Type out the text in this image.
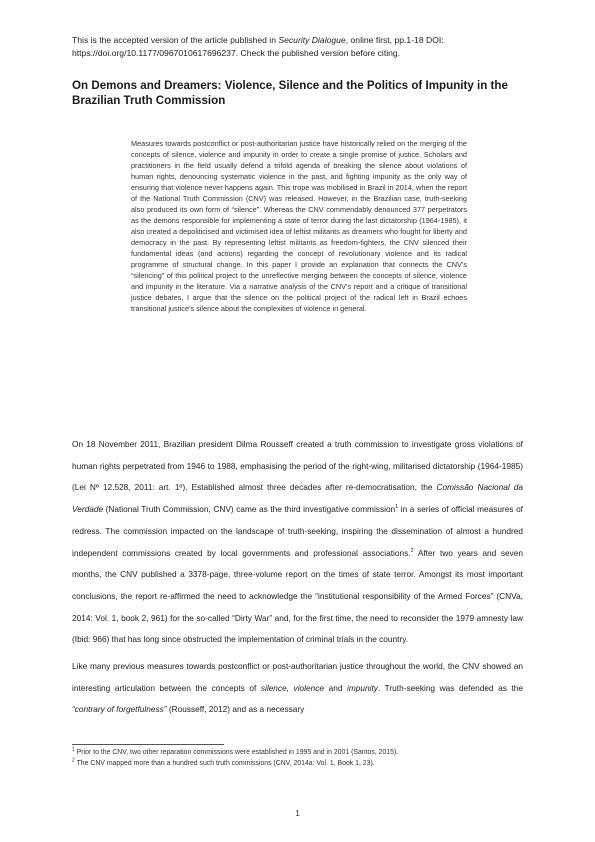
This is the accepted version of the article published in Security Dialogue, online first, pp.1-18 DOI: https://doi.org/10.1177/0967010617696237. Check the published version before citing.
On Demons and Dreamers: Violence, Silence and the Politics of Impunity in the Brazilian Truth Commission
Measures towards postconflict or post-authoritarian justice have historically relied on the merging of the concepts of silence, violence and impunity in order to create a single promise of justice. Scholars and practitioners in the field usually defend a trifold agenda of breaking the silence about violations of human rights, denouncing systematic violence in the past, and fighting impunity as the only way of ensuring that violence never happens again. This trope was mobilised in Brazil in 2014, when the report of the National Truth Commission (CNV) was released. However, in the Brazilian case, truth-seeking also produced its own form of “silence”. Whereas the CNV commendably denounced 377 perpetrators as the demons responsible for implementing a state of terror during the last dictatorship (1964-1985), it also created a depoliticised and victimised idea of leftist militants as dreamers who fought for liberty and democracy in the past. By representing leftist militants as freedom-fighters, the CNV silenced their fundamental ideas (and actions) regarding the concept of revolutionary violence and its radical programme of structural change. In this paper I provide an explanation that connects the CNV’s “silencing” of this political project to the unreflective merging between the concepts of silence, violence and impunity in the literature. Via a narrative analysis of the CNV’s report and a critique of transitional justice debates, I argue that the silence on the political project of the radical left in Brazil echoes transitional justice’s silence about the complexities of violence in general.
On 18 November 2011, Brazilian president Dilma Rousseff created a truth commission to investigate gross violations of human rights perpetrated from 1946 to 1988, emphasising the period of the right-wing, militarised dictatorship (1964-1985) (Lei Nº 12.528, 2011: art. 1º). Established almost three decades after re-democratisation, the Comissão Nacional da Verdade (National Truth Commission, CNV) came as the third investigative commission$^1$ in a series of official measures of redress. The commission impacted on the landscape of truth-seeking, inspiring the dissemination of almost a hundred independent commissions created by local governments and professional associations.$^2$ After two years and seven months, the CNV published a 3378-page, three-volume report on the times of state terror. Amongst its most important conclusions, the report re-affirmed the need to acknowledge the “institutional responsibility of the Armed Forces” (CNVa, 2014: Vol. 1, book 2, 961) for the so-called “Dirty War” and, for the first time, the need to reconsider the 1979 amnesty law (Ibid: 966) that has long since obstructed the implementation of criminal trials in the country.
Like many previous measures towards postconflict or post-authoritarian justice throughout the world, the CNV showed an interesting articulation between the concepts of silence, violence and impunity. Truth-seeking was defended as the “contrary of forgetfulness” (Rousseff, 2012) and as a necessary
$^1$ Prior to the CNV, two other reparation commissions were established in 1995 and in 2001 (Santos, 2015).
$^2$ The CNV mapped more than a hundred such truth commissions (CNV, 2014a: Vol. 1, Book 1, 23).
1
